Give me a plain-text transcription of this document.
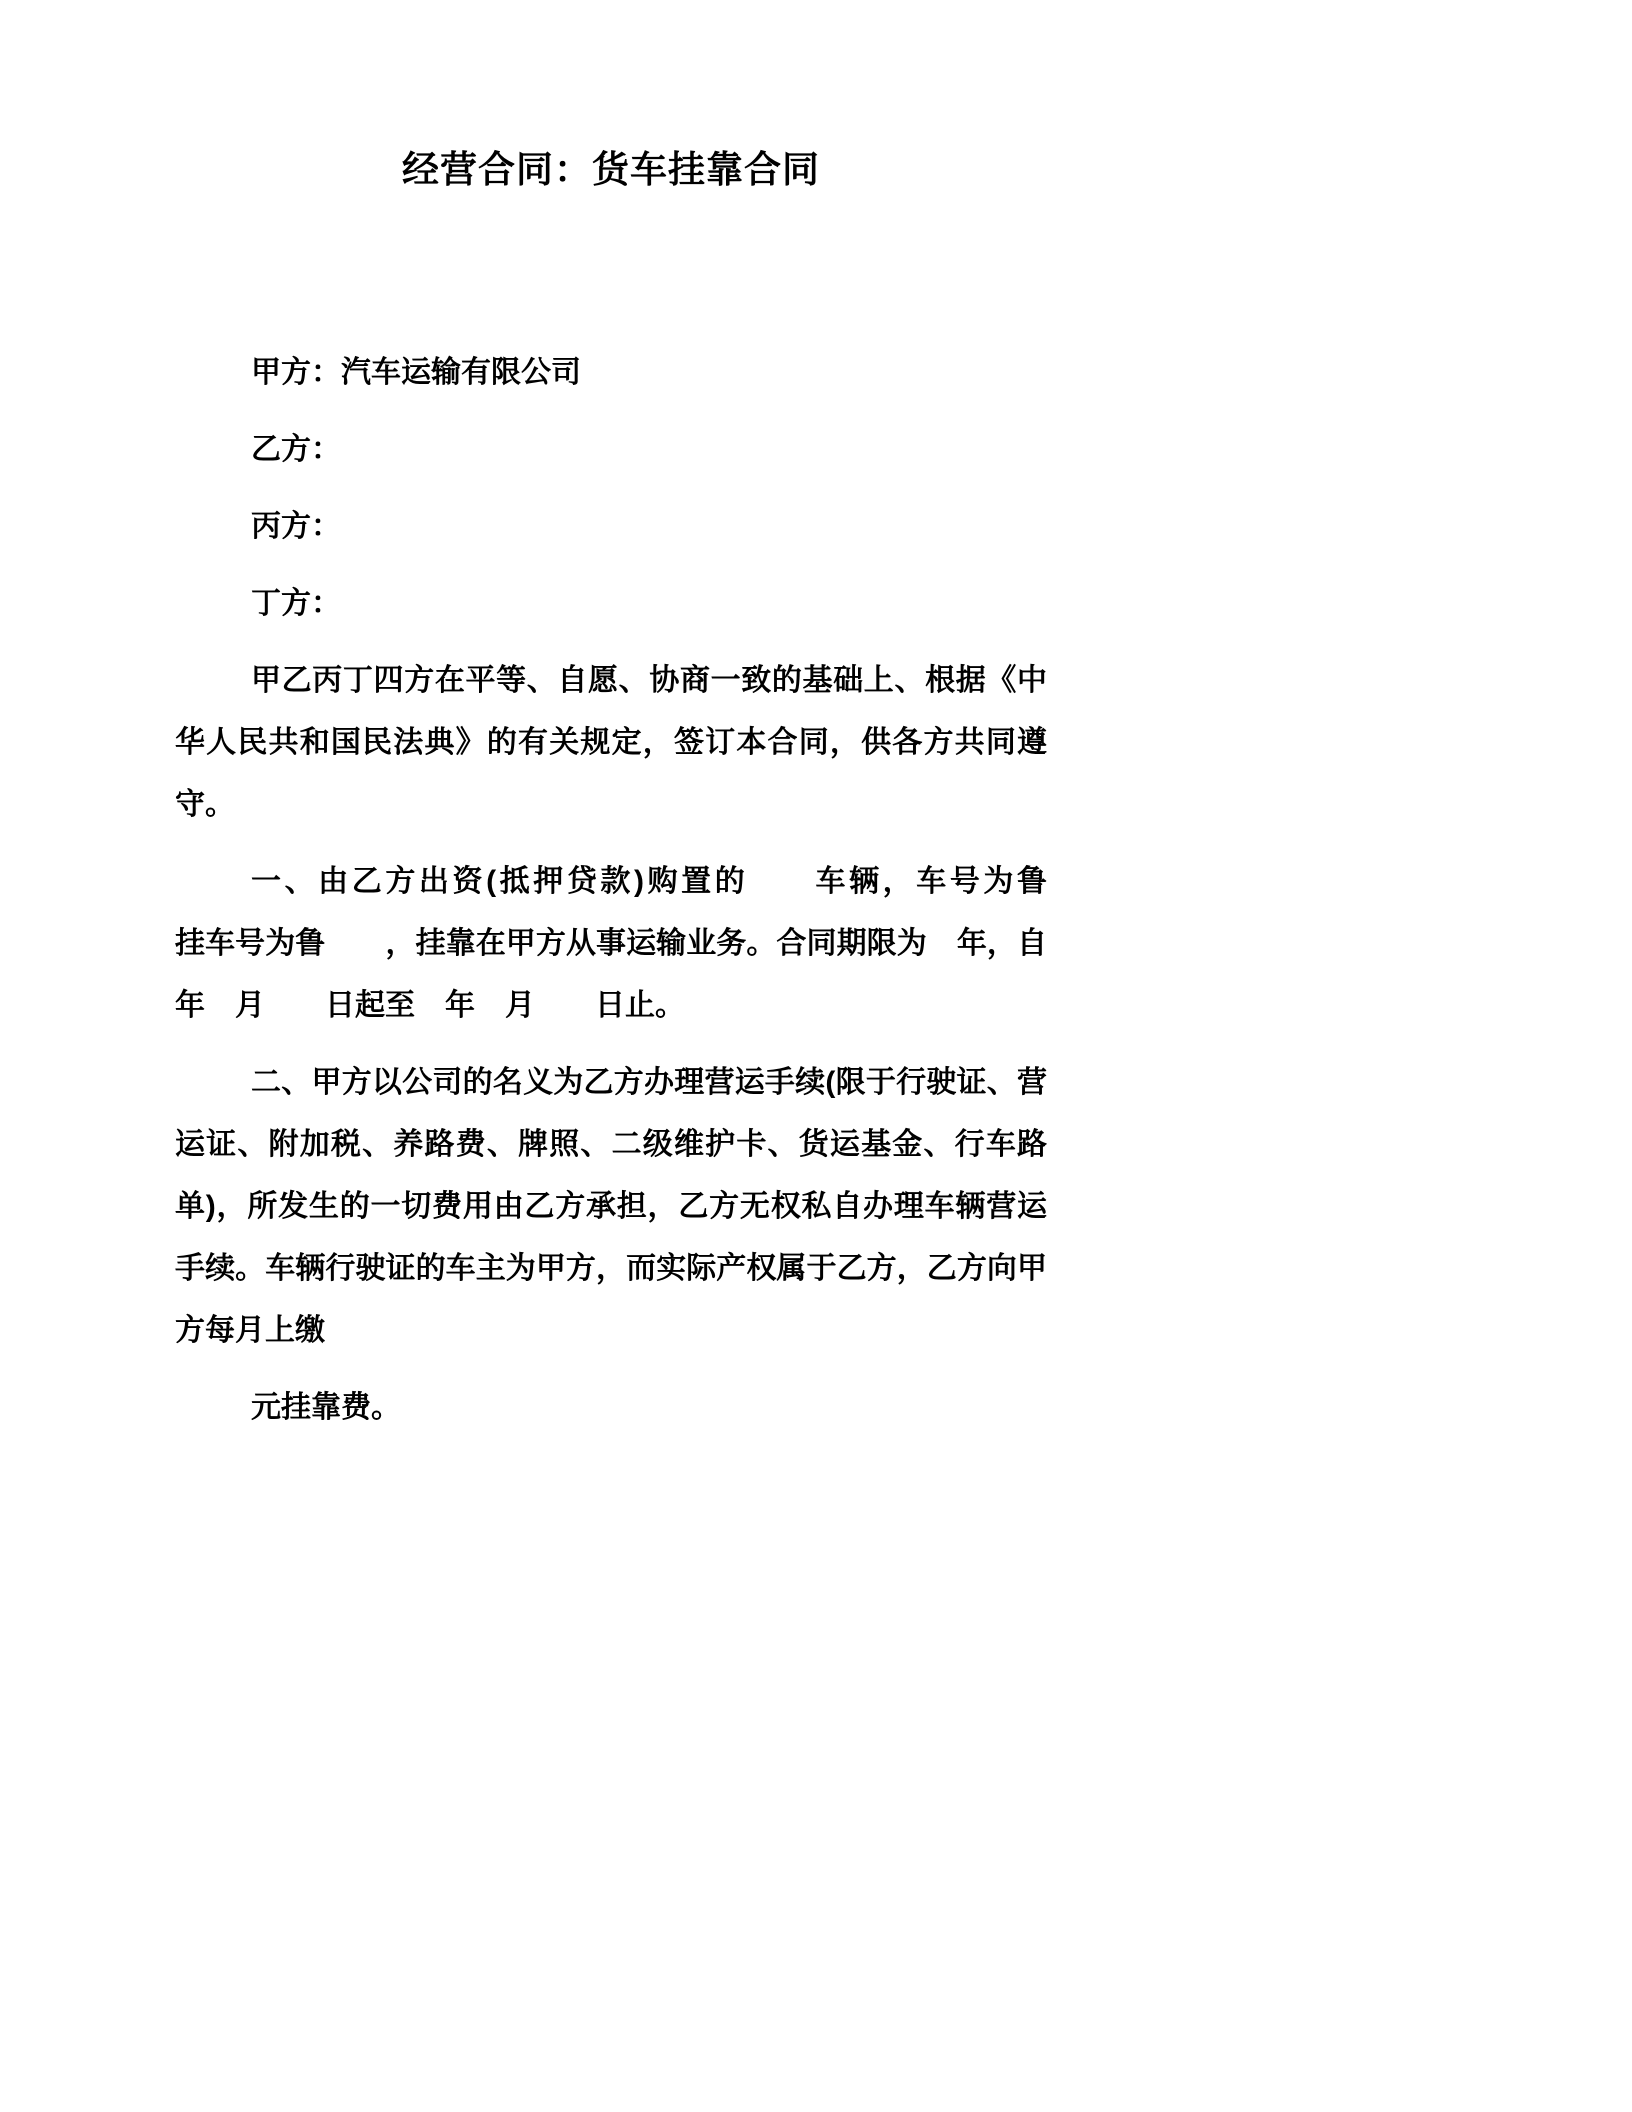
经营合同：货车挂靠合同

甲方：汽车运输有限公司

乙方：

丙方：

丁方：

甲乙丙丁四方在平等、自愿、协商一致的基础上、根据《中华人民共和国民法典》的有关规定，签订本合同，供各方共同遵守。

一、由乙方出资(抵押贷款)购置的　　车辆，车号为鲁　　　　挂车号为鲁　　，挂靠在甲方从事运输业务。合同期限为　年，自　年　月　　日起至　年　月　　日止。

二、甲方以公司的名义为乙方办理营运手续(限于行驶证、营运证、附加税、养路费、牌照、二级维护卡、货运基金、行车路单)，所发生的一切费用由乙方承担，乙方无权私自办理车辆营运手续。车辆行驶证的车主为甲方，而实际产权属于乙方，乙方向甲方每月上缴

元挂靠费。
